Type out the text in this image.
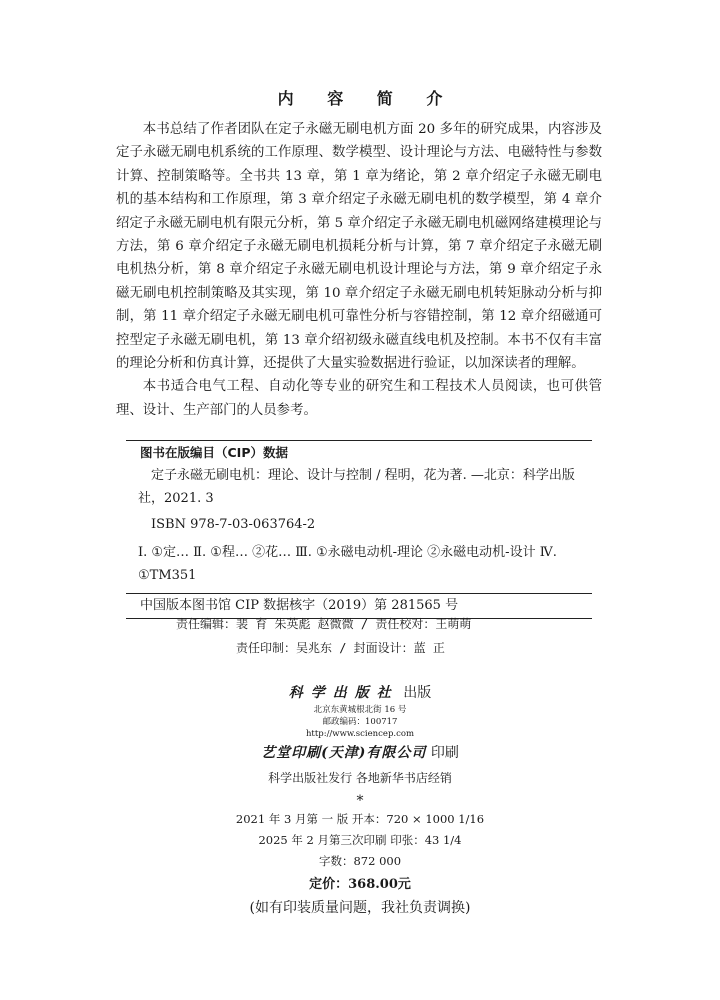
内 容 简 介

本书总结了作者团队在定子永磁无刷电机方面 20 多年的研究成果，内容涉及定子永磁无刷电机系统的工作原理、数学模型、设计理论与方法、电磁特性与参数计算、控制策略等。全书共 13 章，第 1 章为绪论，第 2 章介绍定子永磁无刷电机的基本结构和工作原理，第 3 章介绍定子永磁无刷电机的数学模型，第 4 章介绍定子永磁无刷电机有限元分析，第 5 章介绍定子永磁无刷电机磁网络建模理论与方法，第 6 章介绍定子永磁无刷电机损耗分析与计算，第 7 章介绍定子永磁无刷电机热分析，第 8 章介绍定子永磁无刷电机设计理论与方法，第 9 章介绍定子永磁无刷电机控制策略及其实现，第 10 章介绍定子永磁无刷电机转矩脉动分析与抑制，第 11 章介绍定子永磁无刷电机可靠性分析与容错控制，第 12 章介绍磁通可控型定子永磁无刷电机，第 13 章介绍初级永磁直线电机及控制。本书不仅有丰富的理论分析和仿真计算，还提供了大量实验数据进行验证，以加深读者的理解。

本书适合电气工程、自动化等专业的研究生和工程技术人员阅读，也可供管理、设计、生产部门的人员参考。

图书在版编目（CIP）数据
定子永磁无刷电机：理论、设计与控制 / 程明，花为著. —北京：科学出版社，2021. 3
ISBN 978-7-03-063764-2
Ⅰ. ①定… Ⅱ. ①程… ②花… Ⅲ. ①永磁电动机-理论 ②永磁电动机-设计 Ⅳ. ①TM351
中国版本图书馆 CIP 数据核字（2019）第 281565 号
责任编辑：裴 育 朱英彪 赵微微 / 责任校对：王萌萌
责任印制：吴兆东 / 封面设计：蓝 正
科学出版社 出版
北京东黄城根北街 16 号
邮政编码：100717
http://www.sciencep.com
艺堂印刷(天津)有限公司 印刷
科学出版社发行 各地新华书店经销
*
2021 年 3 月第 一 版 开本：720 × 1000 1/16
2025 年 2 月第三次印刷 印张：43 1/4
字数：872 000
定价：368.00元
(如有印装质量问题，我社负责调换)
